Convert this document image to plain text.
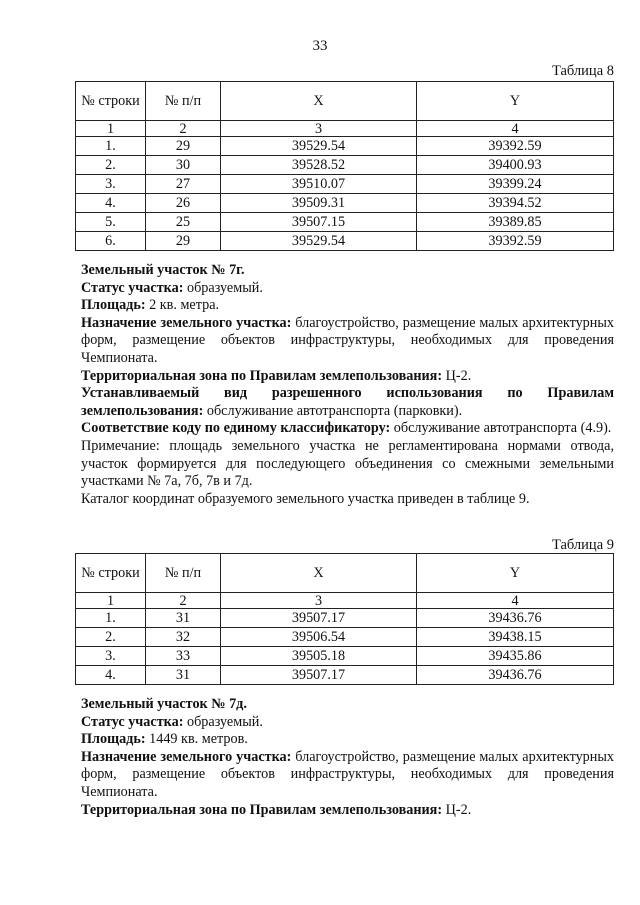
33
Таблица 8
№ строки	№ п/п	X	Y
1	2	3	4
1.	29	39529.54	39392.59
2.	30	39528.52	39400.93
3.	27	39510.07	39399.24
4.	26	39509.31	39394.52
5.	25	39507.15	39389.85
6.	29	39529.54	39392.59

Земельный участок № 7г.

Статус участка: образуемый.

Площадь: 2 кв. метра.

Назначение земельного участка: благоустройство, размещение малых архитектурных форм, размещение объектов инфраструктуры, необходимых для проведения Чемпионата.

Территориальная зона по Правилам землепользования: Ц-2.

Устанавливаемый вид разрешенного использования по Правилам землепользования: обслуживание автотранспорта (парковки).

Соответствие коду по единому классификатору: обслуживание автотранспорта (4.9).

Примечание: площадь земельного участка не регламентирована нормами отвода, участок формируется для последующего объединения со смежными земельными участками № 7а, 7б, 7в и 7д.

Каталог координат образуемого земельного участка приведен в таблице 9.

Таблица 9
№ строки	№ п/п	X	Y
1	2	3	4
1.	31	39507.17	39436.76
2.	32	39506.54	39438.15
3.	33	39505.18	39435.86
4.	31	39507.17	39436.76

Земельный участок № 7д.

Статус участка: образуемый.

Площадь: 1449 кв. метров.

Назначение земельного участка: благоустройство, размещение малых архитектурных форм, размещение объектов инфраструктуры, необходимых для проведения Чемпионата.

Территориальная зона по Правилам землепользования: Ц-2.
